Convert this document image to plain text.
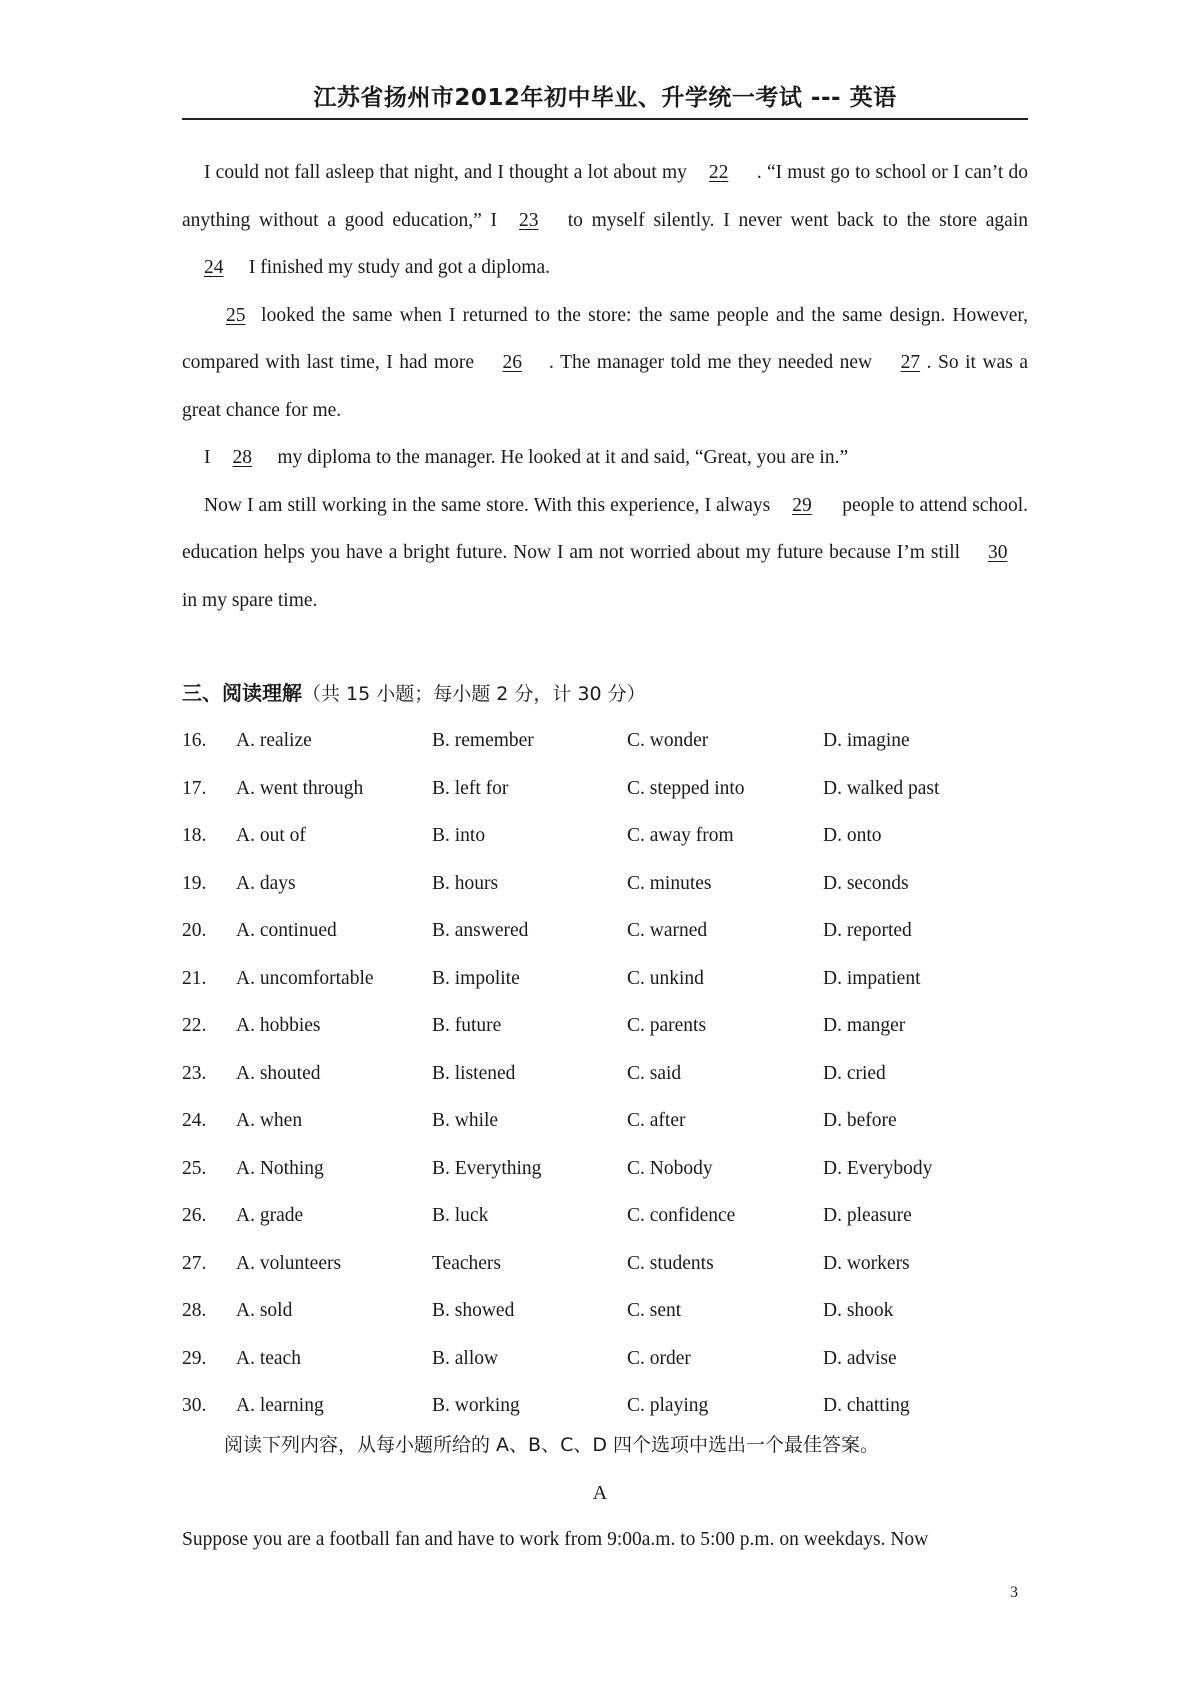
江苏省扬州市2012年初中毕业、升学统一考试 --- 英语

I could not fall asleep that night, and I thought a lot about my 22 . “I must go to school or I can’t do anything without a good education,” I 23 to myself silently. I never went back to the store again 24 I finished my study and got a diploma.

25 looked the same when I returned to the store: the same people and the same design. However, compared with last time, I had more 26 . The manager told me they needed new 27 . So it was a great chance for me.

I 28 my diploma to the manager. He looked at it and said, “Great, you are in.”

Now I am still working in the same store. With this experience, I always 29 people to attend school. education helps you have a bright future. Now I am not worried about my future because I’m still 30 in my spare time.

三、阅读理解（共 15 小题；每小题 2 分，计 30 分）
16. A. realize	B. remember	C. wonder	D. imagine
17. A. went through	B. left for	C. stepped into	D. walked past
18. A. out of	B. into	C. away from	D. onto
19. A. days	B. hours	C. minutes	D. seconds
20. A. continued	B. answered	C. warned	D. reported
21. A. uncomfortable	B. impolite	C. unkind	D. impatient
22. A. hobbies	B. future	C. parents	D. manger
23. A. shouted	B. listened	C. said	D. cried
24. A. when	B. while	C. after	D. before
25. A. Nothing	B. Everything	C. Nobody	D. Everybody
26. A. grade	B. luck	C. confidence	D. pleasure
27. A. volunteers	Teachers	C. students	D. workers
28. A. sold	B. showed	C. sent	D. shook
29. A. teach	B. allow	C. order	D. advise
30. A. learning	B. working	C. playing	D. chatting
阅读下列内容，从每小题所给的 A、B、C、D 四个选项中选出一个最佳答案。
A
Suppose you are a football fan and have to work from 9:00a.m. to 5:00 p.m. on weekdays. Now
3
